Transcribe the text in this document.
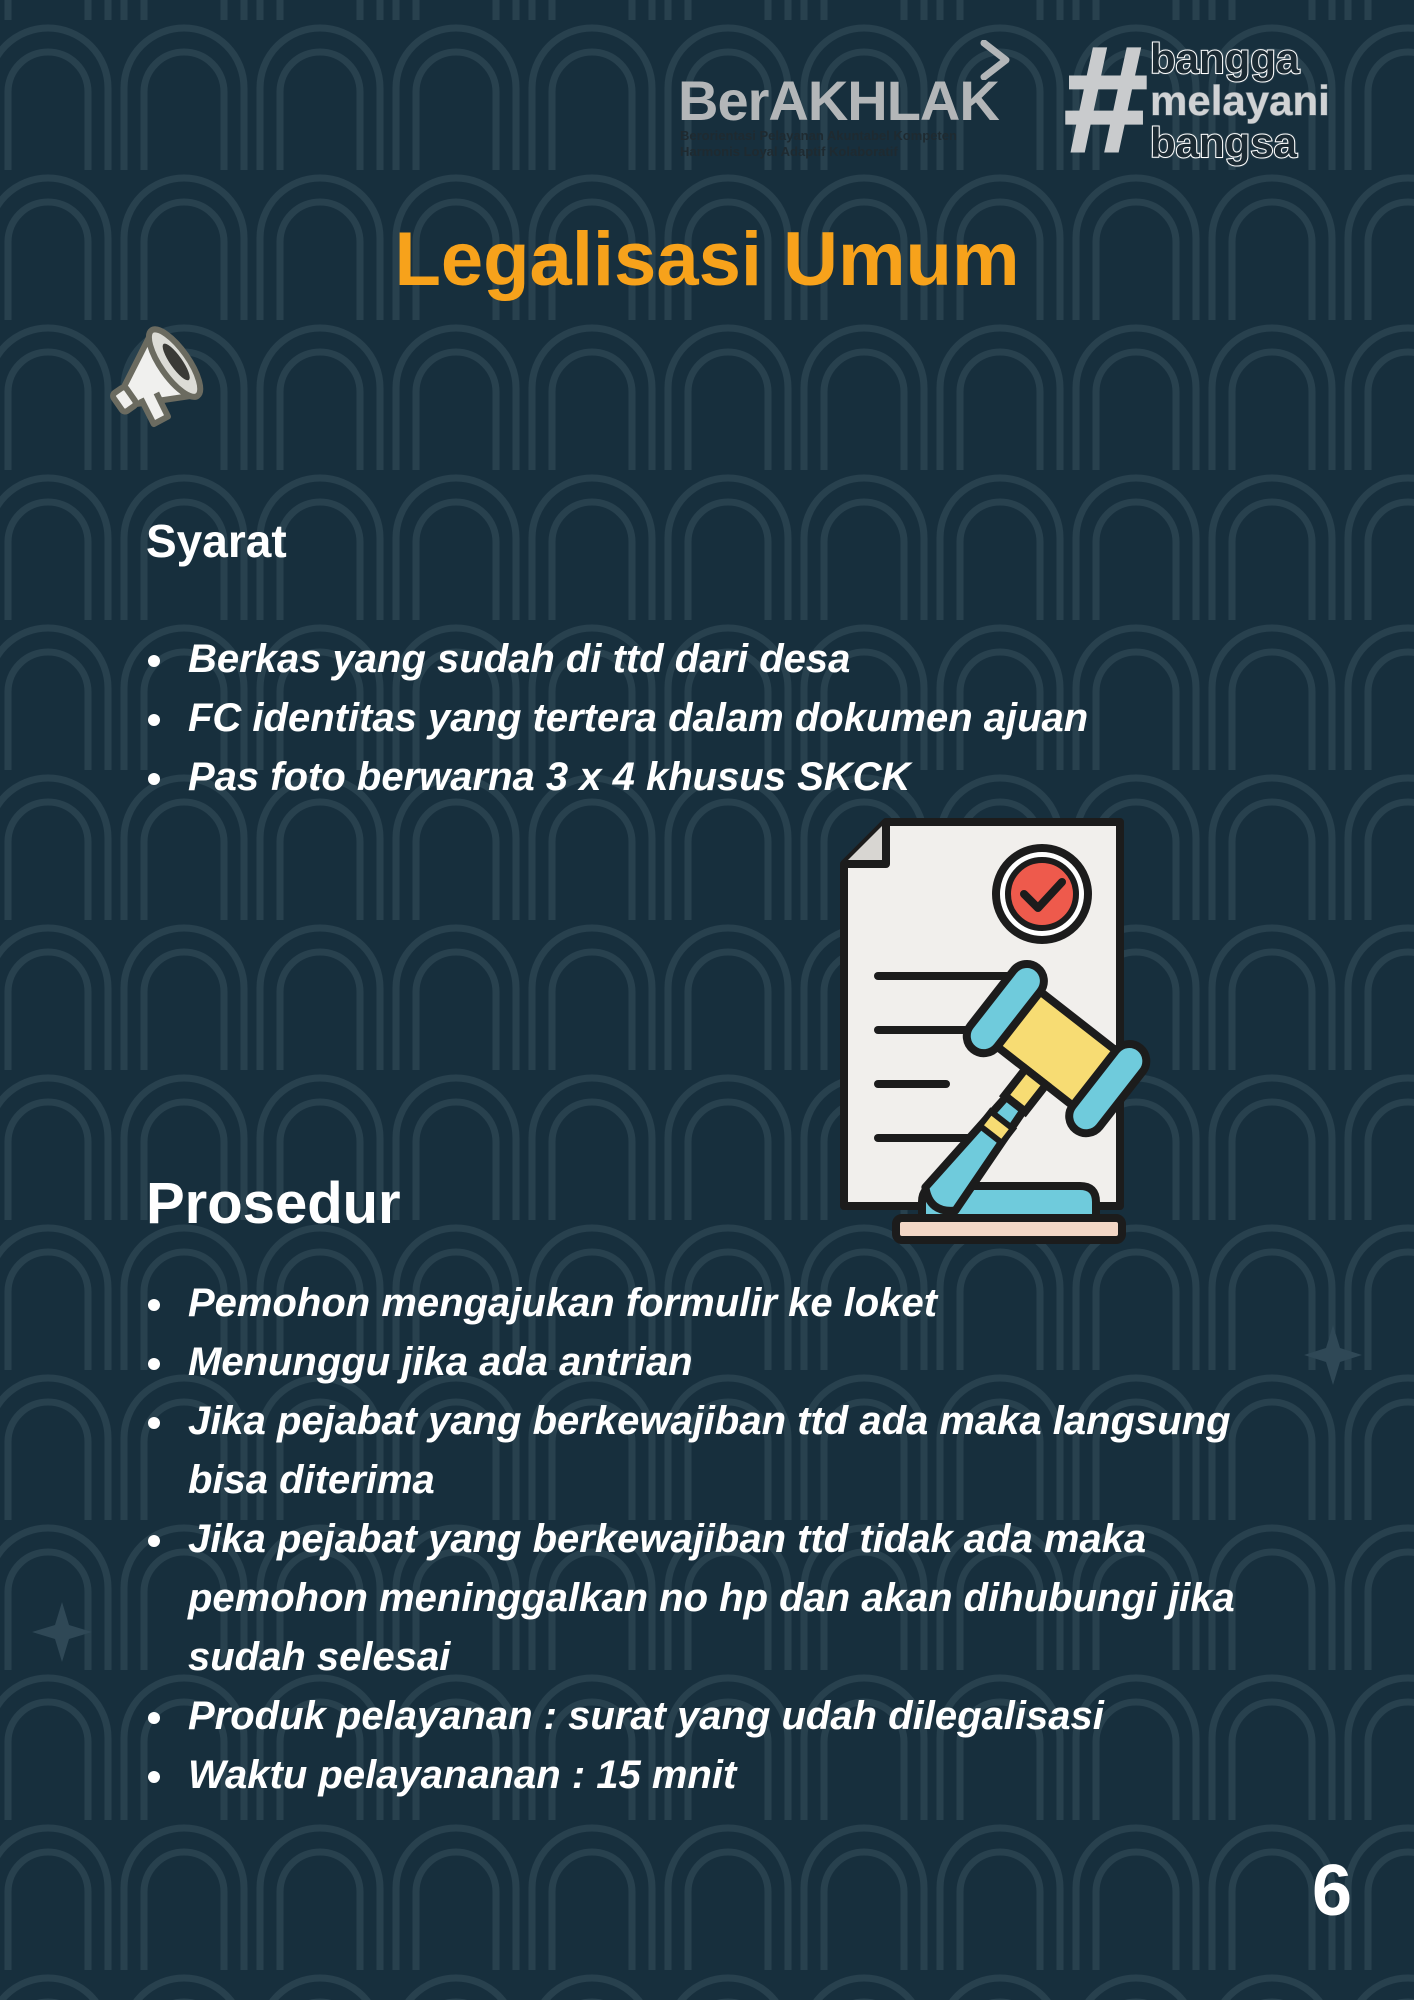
BerAKHLAK
Berorientasi Pelayanan Akuntabel Kompeten
Harmonis Loyal Adaptif Kolaboratif	# bangga
melayani
bangsa
Legalisasi Umum
Syarat
Berkas yang sudah di ttd dari desa
FC identitas yang tertera dalam dokumen ajuan
Pas foto berwarna 3 x 4 khusus SKCK
Prosedur
Pemohon mengajukan formulir ke loket
Menunggu jika ada antrian
Jika pejabat yang berkewajiban ttd ada maka langsung bisa diterima
Jika pejabat yang berkewajiban ttd tidak ada maka pemohon meninggalkan no hp dan akan dihubungi jika sudah selesai
Produk pelayanan : surat yang udah dilegalisasi
Waktu pelayananan : 15 mnit
6
